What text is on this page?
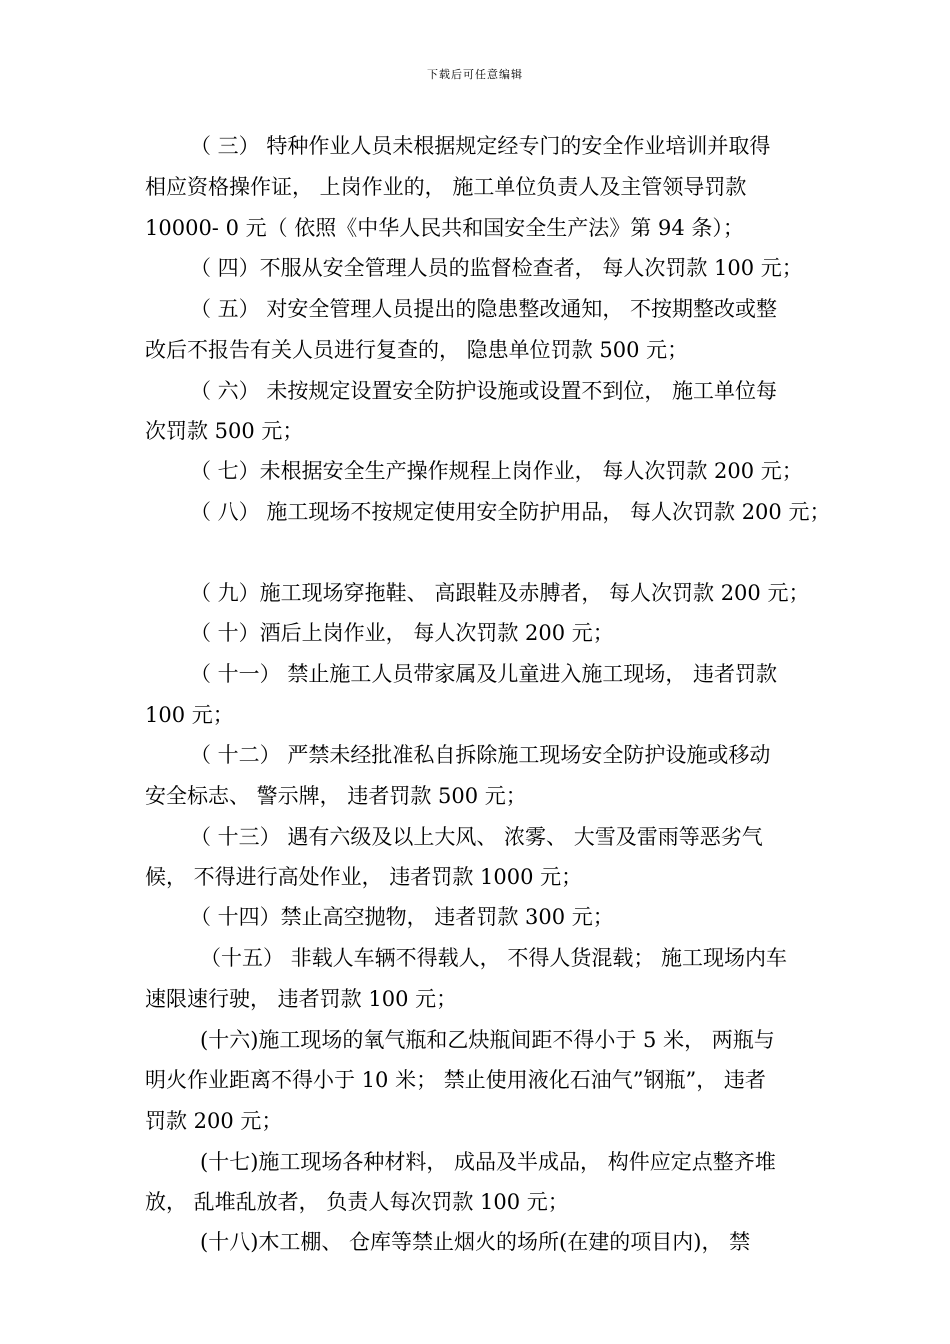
下载后可任意编辑
（ 三） 特种作业人员未根据规定经专门的安全作业培训并取得
相应资格操作证， 上岗作业的， 施工单位负责人及主管领导罚款
10000- 0 元（ 依照《中华人民共和国安全生产法》第 94 条）；
（ 四）不服从安全管理人员的监督检查者， 每人次罚款 100 元；
（ 五） 对安全管理人员提出的隐患整改通知， 不按期整改或整
改后不报告有关人员进行复查的， 隐患单位罚款 500 元；
（ 六） 未按规定设置安全防护设施或设置不到位， 施工单位每
次罚款 500 元；
（ 七）未根据安全生产操作规程上岗作业， 每人次罚款 200 元；
（ 八） 施工现场不按规定使用安全防护用品， 每人次罚款 200 元；
（ 九）施工现场穿拖鞋、 高跟鞋及赤膊者， 每人次罚款 200 元；
（ 十）酒后上岗作业， 每人次罚款 200 元；
（ 十一） 禁止施工人员带家属及儿童进入施工现场， 违者罚款
100 元；
（ 十二） 严禁未经批准私自拆除施工现场安全防护设施或移动
安全标志、 警示牌， 违者罚款 500 元；
（ 十三） 遇有六级及以上大风、 浓雾、 大雪及雷雨等恶劣气
候， 不得进行高处作业， 违者罚款 1000 元；
（ 十四）禁止高空抛物， 违者罚款 300 元；
（十五） 非载人车辆不得载人， 不得人货混载； 施工现场内车
速限速行驶， 违者罚款 100 元；
(十六)施工现场的氧气瓶和乙炔瓶间距不得小于 5 米， 两瓶与
明火作业距离不得小于 10 米； 禁止使用液化石油气”钢瓶”， 违者
罚款 200 元；
(十七)施工现场各种材料， 成品及半成品， 构件应定点整齐堆
放， 乱堆乱放者， 负责人每次罚款 100 元；
(十八)木工棚、 仓库等禁止烟火的场所(在建的项目内)， 禁
